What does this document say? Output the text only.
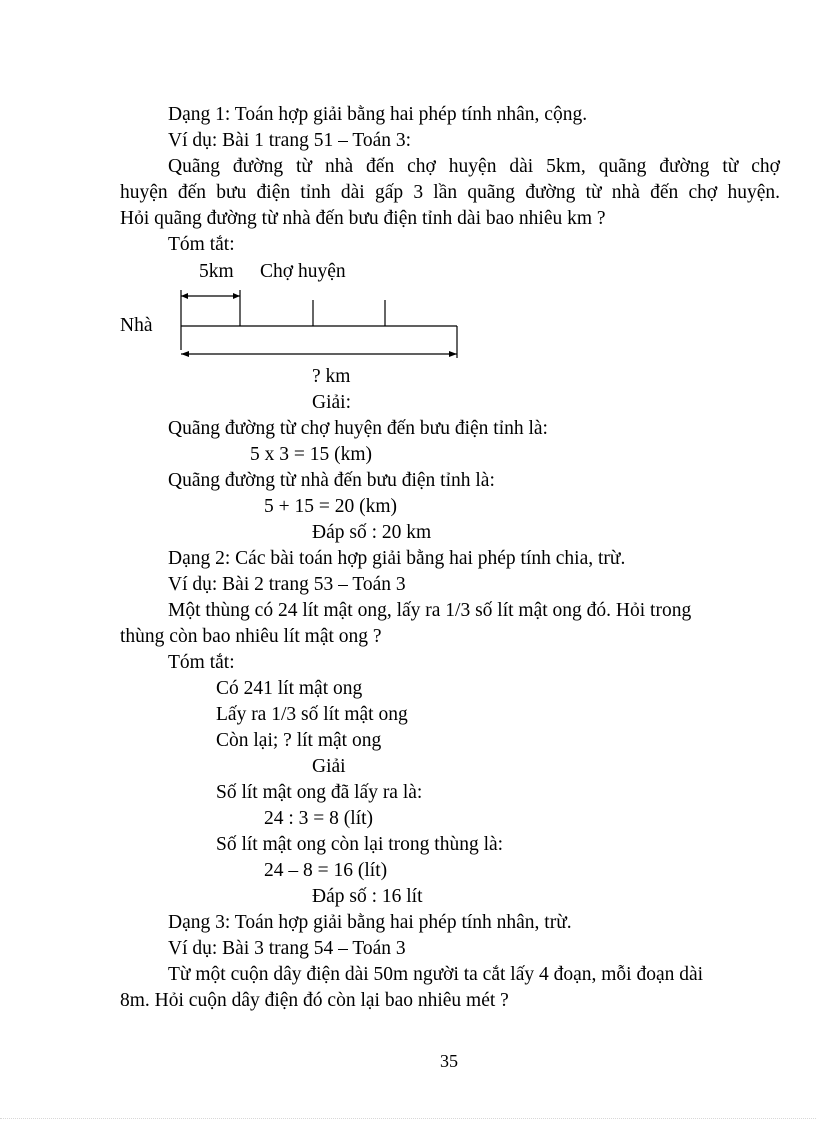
Dạng 1: Toán hợp giải bằng hai phép tính nhân, cộng.
Ví dụ: Bài 1 trang 51 – Toán 3:
Quãng đường từ nhà đến chợ huyện dài 5km, quãng đường từ chợ
huyện đến bưu điện tỉnh dài gấp 3 lần quãng đường từ nhà đến chợ huyện.
Hỏi quãng đường từ nhà đến bưu điện tỉnh dài bao nhiêu km ?
Tóm tắt:
5km Chợ huyện
Nhà
? km
Giải:
Quãng đường từ chợ huyện đến bưu điện tỉnh là:
5 x 3 = 15 (km)
Quãng đường từ nhà đến bưu điện tỉnh là:
5 + 15 = 20 (km)
Đáp số : 20 km
Dạng 2: Các bài toán hợp giải bằng hai phép tính chia, trừ.
Ví dụ: Bài 2 trang 53 – Toán 3
Một thùng có 24 lít mật ong, lấy ra 1/3 số lít mật ong đó. Hỏi trong
thùng còn bao nhiêu lít mật ong ?
Tóm tắt:
Có 241 lít mật ong
Lấy ra 1/3 số lít mật ong
Còn lại; ? lít mật ong
Giải
Số lít mật ong đã lấy ra là:
24 : 3 = 8 (lít)
Số lít mật ong còn lại trong thùng là:
24 – 8 = 16 (lít)
Đáp số : 16 lít
Dạng 3: Toán hợp giải bằng hai phép tính nhân, trừ.
Ví dụ: Bài 3 trang 54 – Toán 3
Từ một cuộn dây điện dài 50m người ta cắt lấy 4 đoạn, mỗi đoạn dài
8m. Hỏi cuộn dây điện đó còn lại bao nhiêu mét ?
35
